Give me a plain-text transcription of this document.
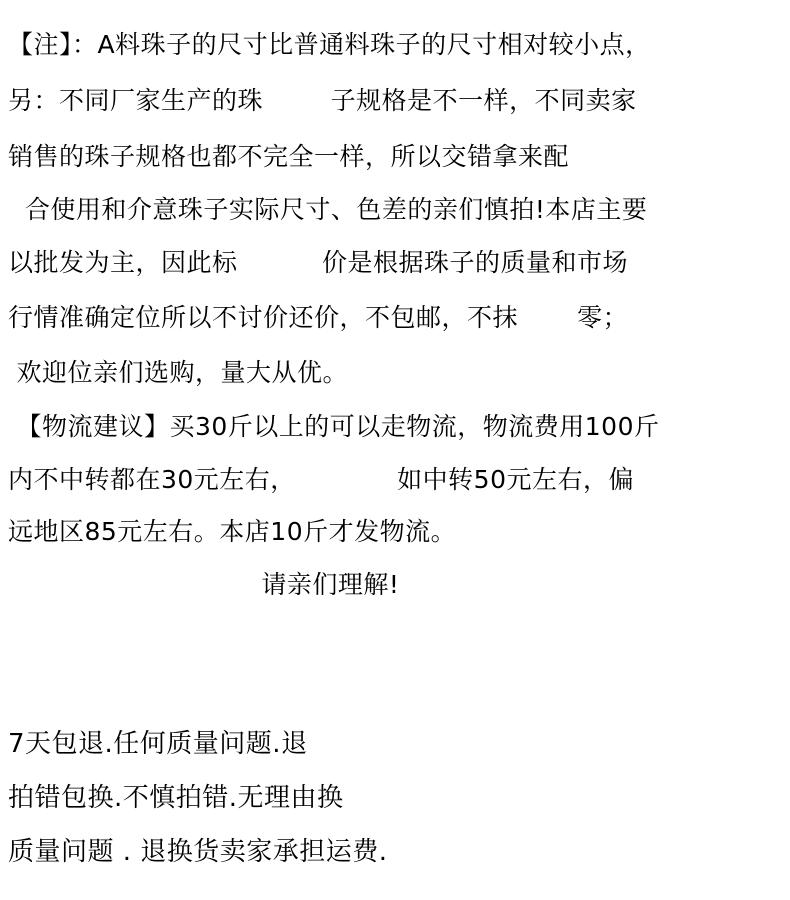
【注】：A料珠子的尺寸比普通料珠子的尺寸相对较小点，
另：不同厂家生产的珠        子规格是不一样，不同卖家
销售的珠子规格也都不完全一样，所以交错拿来配
合使用和介意珠子实际尺寸、色差的亲们慎拍!本店主要
以批发为主，因此标          价是根据珠子的质量和市场
行情准确定位所以不讨价还价，不包邮，不抹       零；
欢迎位亲们选购，量大从优。
【物流建议】买30斤以上的可以走物流，物流费用100斤
内不中转都在30元左右，            如中转50元左右，偏
远地区85元左右。本店10斤才发物流。
请亲们理解!
7天包退.任何质量问题.退
拍错包换.不慎拍错.无理由换
质量问题 . 退换货卖家承担运费.
